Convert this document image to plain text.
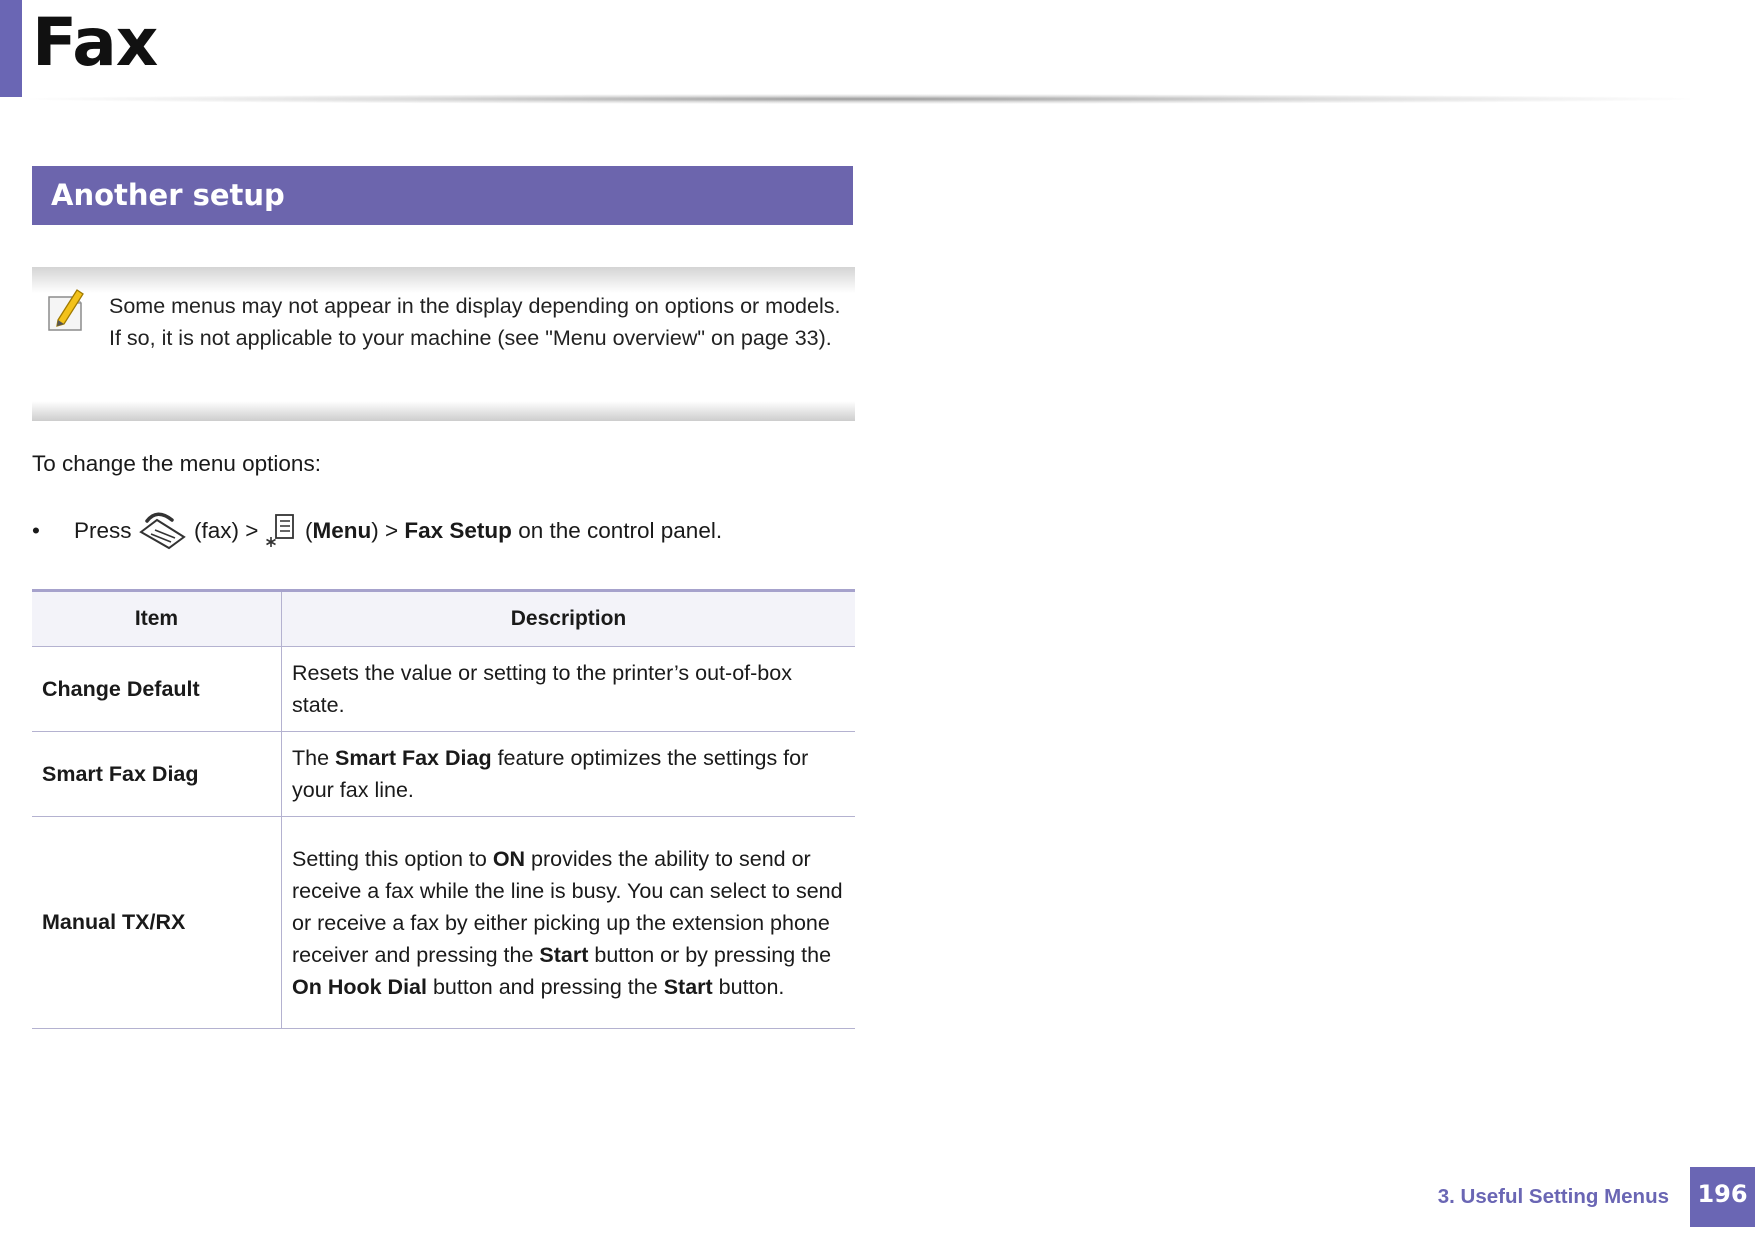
Fax
Another setup

Some menus may not appear in the display depending on options or models. If so, it is not applicable to your machine (see "Menu overview" on page 33).

To change the menu options:

• Press	(fax) > (Menu) > Fax Setup on the control panel.

Item	Description
Change Default	Resets the value or setting to the printer’s out-of-box state.
Smart Fax Diag	The Smart Fax Diag feature optimizes the settings for your fax line.
Manual TX/RX	Setting this option to ON provides the ability to send or receive a fax while the line is busy. You can select to send or receive a fax by either picking up the extension phone receiver and pressing the Start button or by pressing the On Hook Dial button and pressing the Start button.

3. Useful Setting Menus	196
